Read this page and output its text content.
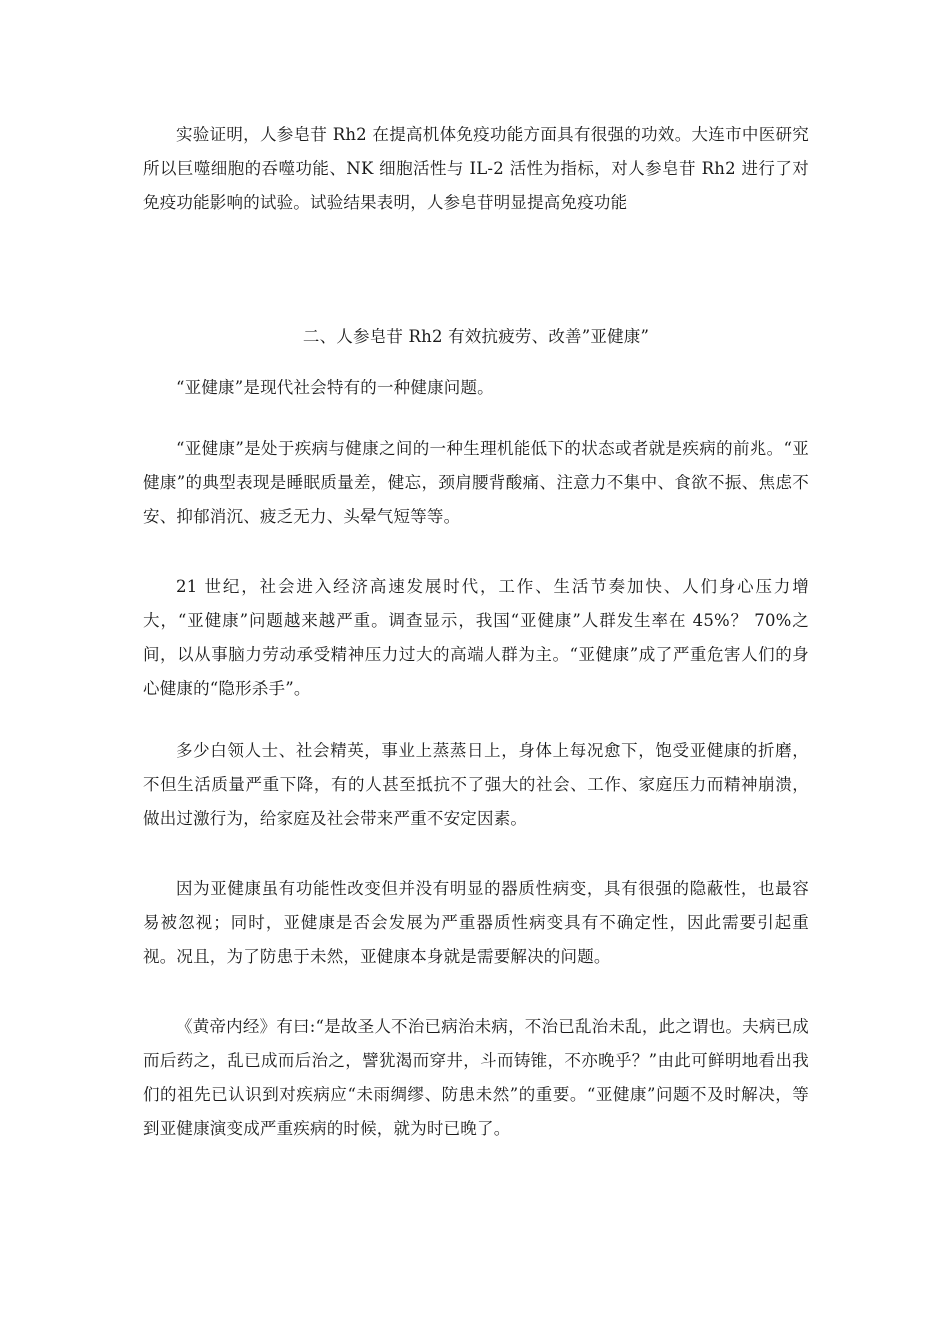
实验证明，人参皂苷 Rh2 在提高机体免疫功能方面具有很强的功效。大连市中医研究所以巨噬细胞的吞噬功能、NK 细胞活性与 IL-2 活性为指标，对人参皂苷 Rh2 进行了对免疫功能影响的试验。试验结果表明，人参皂苷明显提高免疫功能

二、人参皂苷 Rh2 有效抗疲劳、改善”亚健康”

“亚健康”是现代社会特有的一种健康问题。

“亚健康”是处于疾病与健康之间的一种生理机能低下的状态或者就是疾病的前兆。“亚健康”的典型表现是睡眠质量差，健忘，颈肩腰背酸痛、注意力不集中、食欲不振、焦虑不安、抑郁消沉、疲乏无力、头晕气短等等。

21 世纪，社会进入经济高速发展时代，工作、生活节奏加快、人们身心压力增大，“亚健康”问题越来越严重。调查显示，我国“亚健康”人群发生率在 45%？ 70%之间，以从事脑力劳动承受精神压力过大的高端人群为主。“亚健康”成了严重危害人们的身心健康的“隐形杀手”。

多少白领人士、社会精英，事业上蒸蒸日上，身体上每况愈下，饱受亚健康的折磨，不但生活质量严重下降，有的人甚至抵抗不了强大的社会、工作、家庭压力而精神崩溃，做出过激行为，给家庭及社会带来严重不安定因素。

因为亚健康虽有功能性改变但并没有明显的器质性病变，具有很强的隐蔽性，也最容易被忽视；同时，亚健康是否会发展为严重器质性病变具有不确定性，因此需要引起重视。况且，为了防患于未然，亚健康本身就是需要解决的问题。

《黄帝内经》有曰:“是故圣人不治已病治未病，不治已乱治未乱，此之谓也。夫病已成而后药之，乱已成而后治之，譬犹渴而穿井，斗而铸锥，不亦晚乎？”由此可鲜明地看出我们的祖先已认识到对疾病应“未雨绸缪、防患未然”的重要。“亚健康”问题不及时解决，等到亚健康演变成严重疾病的时候，就为时已晚了。
